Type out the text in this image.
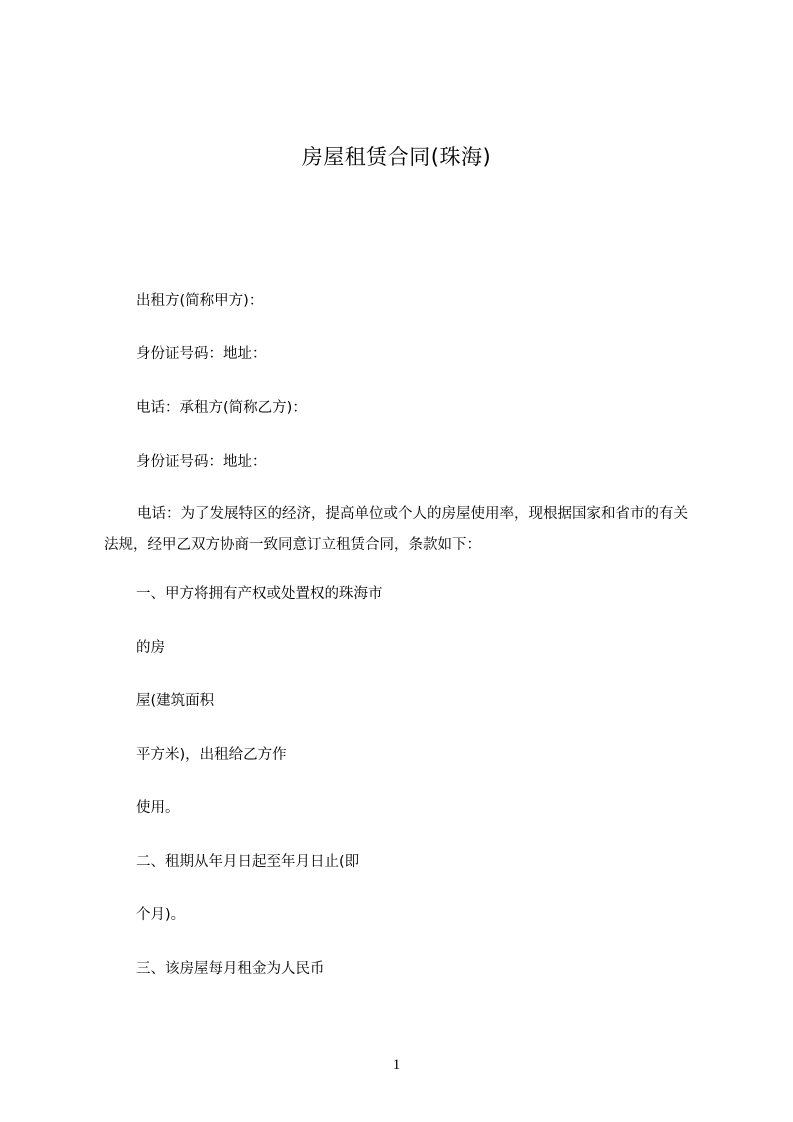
房屋租赁合同(珠海)
出租方(简称甲方)：
身份证号码：地址：
电话：承租方(简称乙方)：
身份证号码：地址：
电话：为了发展特区的经济，提高单位或个人的房屋使用率，现根据国家和省市的有关法规，经甲乙双方协商一致同意订立租赁合同，条款如下：
一、甲方将拥有产权或处置权的珠海市
的房
屋(建筑面积
平方米)，出租给乙方作
使用。
二、租期从年月日起至年月日止(即
个月)。
三、该房屋每月租金为人民币
1
